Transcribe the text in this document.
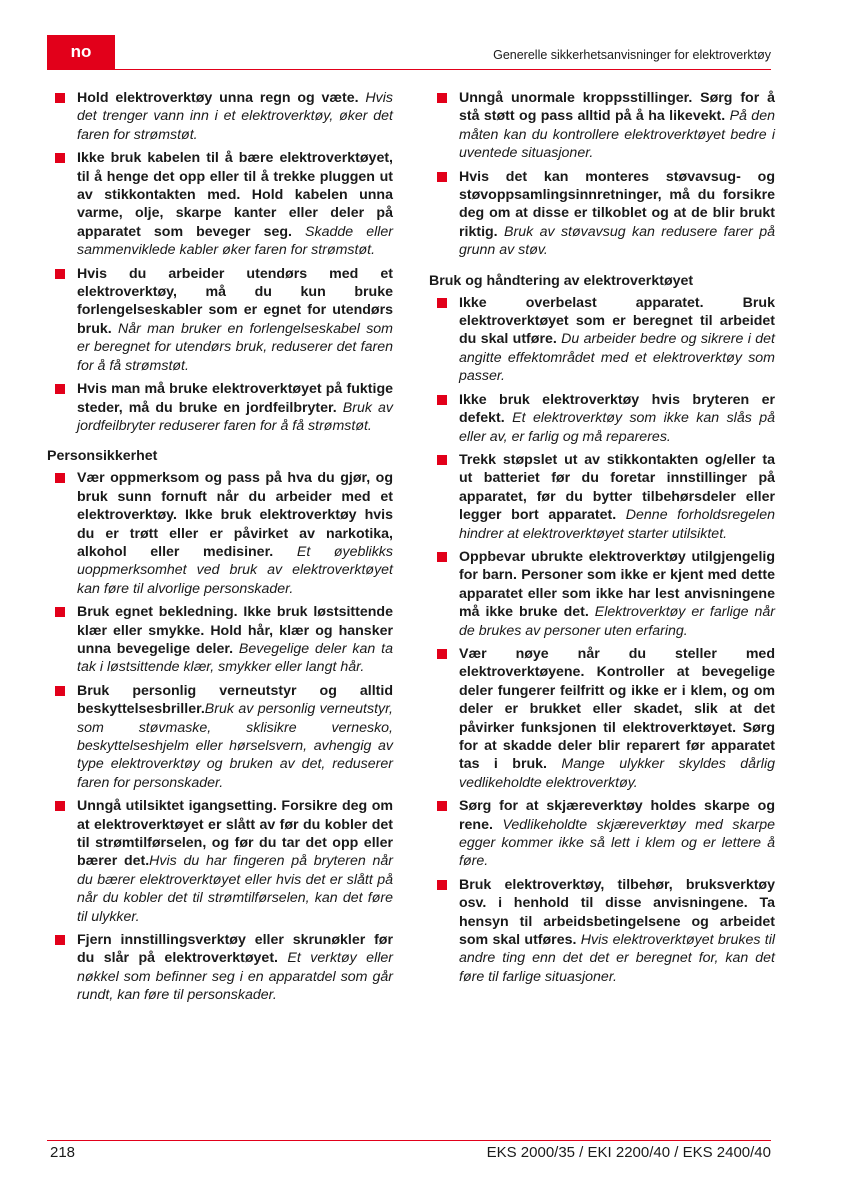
no	Generelle sikkerhetsanvisninger for elektroverktøy
Hold elektroverktøy unna regn og væte. Hvis det trenger vann inn i et elektroverktøy, øker det faren for strømstøt.
Ikke bruk kabelen til å bære elektroverktøyet, til å henge det opp eller til å trekke pluggen ut av stikkontakten med. Hold kabelen unna varme, olje, skarpe kanter eller deler på apparatet som beveger seg. Skadde eller sammenviklede kabler øker faren for strømstøt.
Hvis du arbeider utendørs med et elektroverktøy, må du kun bruke forlengelseskabler som er egnet for utendørs bruk. Når man bruker en forlengelseskabel som er beregnet for utendørs bruk, reduserer det faren for å få strømstøt.
Hvis man må bruke elektroverktøyet på fuktige steder, må du bruke en jordfeilbryter. Bruk av jordfeilbryter reduserer faren for å få strømstøt.
Personsikkerhet
Vær oppmerksom og pass på hva du gjør, og bruk sunn fornuft når du arbeider med et elektroverktøy. Ikke bruk elektroverktøy hvis du er trøtt eller er påvirket av narkotika, alkohol eller medisiner. Et øyeblikks uoppmerksomhet ved bruk av elektroverktøyet kan føre til alvorlige personskader.
Bruk egnet bekledning. Ikke bruk løstsittende klær eller smykke. Hold hår, klær og hansker unna bevegelige deler. Bevegelige deler kan ta tak i løstsittende klær, smykker eller langt hår.
Bruk personlig verneutstyr og alltid beskyttelsesbriller.Bruk av personlig verneutstyr, som støvmaske, sklisikre vernesko, beskyttelseshjelm eller hørselsvern, avhengig av type elektroverktøy og bruken av det, reduserer faren for personskader.
Unngå utilsiktet igangsetting. Forsikre deg om at elektroverktøyet er slått av før du kobler det til strømtilførselen, og før du tar det opp eller bærer det.Hvis du har fingeren på bryteren når du bærer elektroverktøyet eller hvis det er slått på når du kobler det til strømtilførselen, kan det føre til ulykker.
Fjern innstillingsverktøy eller skrunøkler før du slår på elektroverktøyet. Et verktøy eller nøkkel som befinner seg i en apparatdel som går rundt, kan føre til personskader.
Unngå unormale kroppsstillinger. Sørg for å stå støtt og pass alltid på å ha likevekt. På den måten kan du kontrollere elektroverktøyet bedre i uventede situasjoner.
Hvis det kan monteres støvavsug- og støvoppsamlingsinnretninger, må du forsikre deg om at disse er tilkoblet og at de blir brukt riktig. Bruk av støvavsug kan redusere farer på grunn av støv.
Bruk og håndtering av elektroverktøyet
Ikke overbelast apparatet. Bruk elektroverktøyet som er beregnet til arbeidet du skal utføre. Du arbeider bedre og sikrere i det angitte effektområdet med et elektroverktøy som passer.
Ikke bruk elektroverktøy hvis bryteren er defekt. Et elektroverktøy som ikke kan slås på eller av, er farlig og må repareres.
Trekk støpslet ut av stikkontakten og/eller ta ut batteriet før du foretar innstillinger på apparatet, før du bytter tilbehørsdeler eller legger bort apparatet. Denne forholdsregelen hindrer at elektroverktøyet starter utilsiktet.
Oppbevar ubrukte elektroverktøy utilgjengelig for barn. Personer som ikke er kjent med dette apparatet eller som ikke har lest anvisningene må ikke bruke det. Elektroverktøy er farlige når de brukes av personer uten erfaring.
Vær nøye når du steller med elektroverktøyene. Kontroller at bevegelige deler fungerer feilfritt og ikke er i klem, og om deler er brukket eller skadet, slik at det påvirker funksjonen til elektroverktøyet. Sørg for at skadde deler blir reparert før apparatet tas i bruk. Mange ulykker skyldes dårlig vedlikeholdte elektroverktøy.
Sørg for at skjæreverktøy holdes skarpe og rene. Vedlikeholdte skjæreverktøy med skarpe egger kommer ikke så lett i klem og er lettere å føre.
Bruk elektroverktøy, tilbehør, bruksverktøy osv. i henhold til disse anvisningene. Ta hensyn til arbeidsbetingelsene og arbeidet som skal utføres. Hvis elektroverktøyet brukes til andre ting enn det det er beregnet for, kan det føre til farlige situasjoner.
218	EKS 2000/35 / EKI 2200/40 / EKS 2400/40
